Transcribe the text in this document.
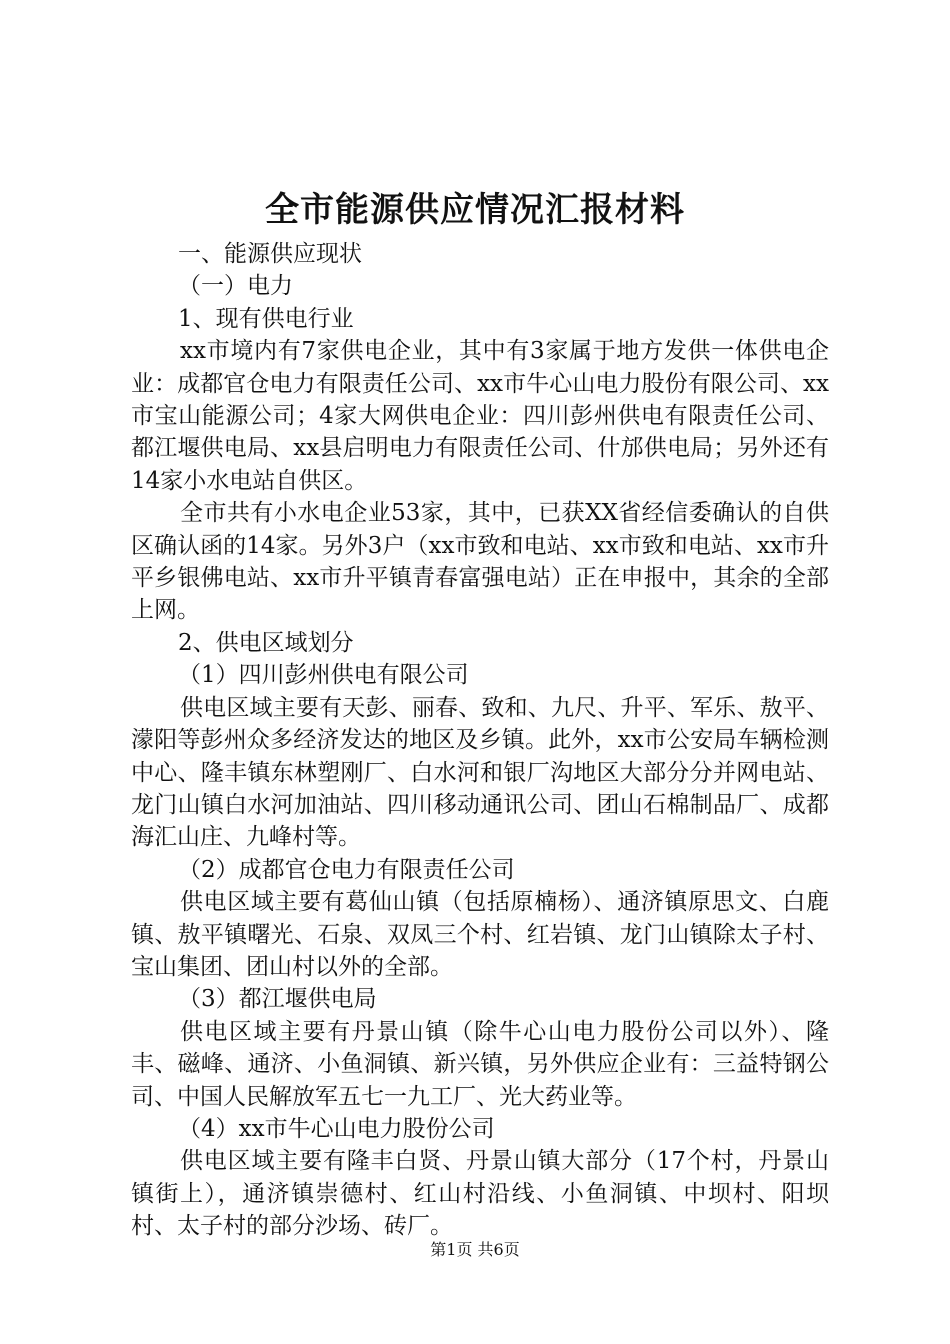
全市能源供应情况汇报材料

一、能源供应现状

（一）电力

1、现有供电行业

xx市境内有7家供电企业，其中有3家属于地方发供一体供电企业：成都官仓电力有限责任公司、xx市牛心山电力股份有限公司、xx市宝山能源公司；4家大网供电企业：四川彭州供电有限责任公司、都江堰供电局、xx县启明电力有限责任公司、什邡供电局；另外还有14家小水电站自供区。

全市共有小水电企业53家，其中，已获XX省经信委确认的自供区确认函的14家。另外3户（xx市致和电站、xx市致和电站、xx市升平乡银佛电站、xx市升平镇青春富强电站）正在申报中，其余的全部上网。

2、供电区域划分

（1）四川彭州供电有限公司

供电区域主要有天彭、丽春、致和、九尺、升平、军乐、敖平、濛阳等彭州众多经济发达的地区及乡镇。此外，xx市公安局车辆检测中心、隆丰镇东林塑刚厂、白水河和银厂沟地区大部分分并网电站、龙门山镇白水河加油站、四川移动通讯公司、团山石棉制品厂、成都海汇山庄、九峰村等。

（2）成都官仓电力有限责任公司

供电区域主要有葛仙山镇（包括原楠杨）、通济镇原思文、白鹿镇、敖平镇曙光、石泉、双凤三个村、红岩镇、龙门山镇除太子村、宝山集团、团山村以外的全部。

（3）都江堰供电局

供电区域主要有丹景山镇（除牛心山电力股份公司以外）、隆丰、磁峰、通济、小鱼洞镇、新兴镇，另外供应企业有：三益特钢公司、中国人民解放军五七一九工厂、光大药业等。

（4）xx市牛心山电力股份公司

供电区域主要有隆丰白贤、丹景山镇大部分（17个村，丹景山镇街上），通济镇崇德村、红山村沿线、小鱼洞镇、中坝村、阳坝村、太子村的部分沙场、砖厂。

第1页 共6页
